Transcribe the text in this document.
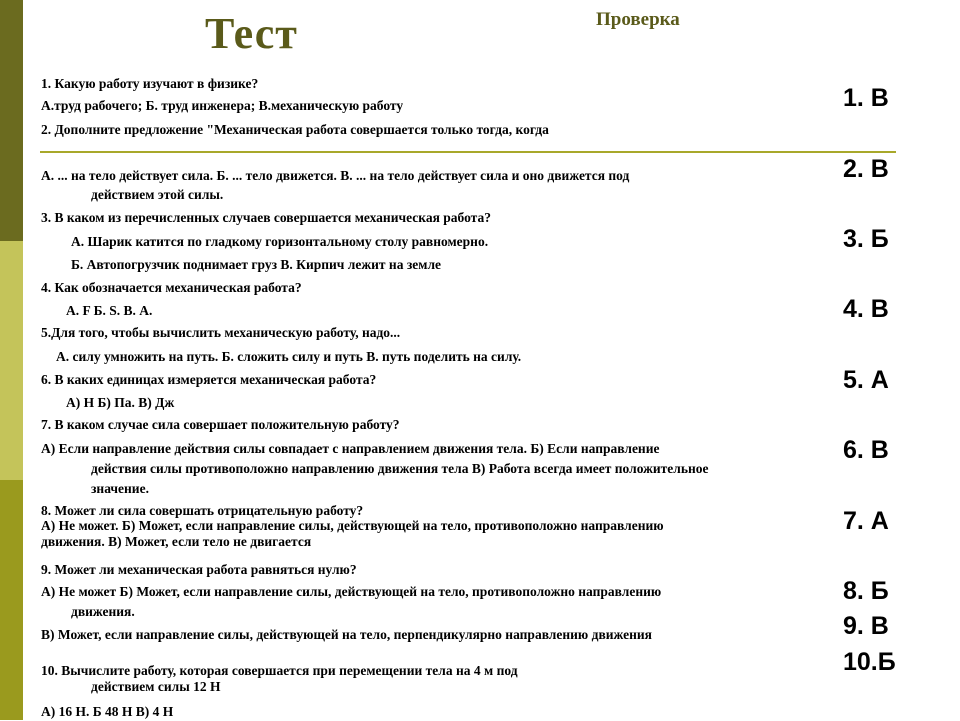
Тест	Проверка
1. Какую работу изучают в физике?
А.труд рабочего; Б. труд инженера; В.механическую работу
2. Дополните предложение "Механическая работа совершается только тогда, когда
А. ... на тело действует сила. Б. ... тело движется. В. ... на тело действует сила и оно движется под
действием этой силы.
3. В каком из перечисленных случаев совершается механическая работа?
А. Шарик катится по гладкому горизонтальному столу равномерно.
Б. Автопогрузчик поднимает груз В. Кирпич лежит на земле
4. Как обозначается механическая работа?
А. F Б. S. В. A.
5.Для того, чтобы вычислить механическую работу, надо...
А. силу умножить на путь. Б. сложить силу и путь В. путь поделить на силу.
6. В каких единицах измеряется механическая работа?
А) Н Б) Па. В) Дж
7. В каком случае сила совершает положительную работу?
А) Если направление действия силы совпадает с направлением движения тела. Б) Если направление
действия силы противоположно направлению движения тела В) Работа всегда имеет положительное
значение.
8. Может ли сила совершать отрицательную работу?
А) Не может. Б) Может, если направление силы, действующей на тело, противоположно направлению
движения. В) Может, если тело не двигается
9. Может ли механическая работа равняться нулю?
А) Не может Б) Может, если направление силы, действующей на тело, противоположно направлению
движения.
В) Может, если направление силы, действующей на тело, перпендикулярно направлению движения
10. Вычислите работу, которая совершается при перемещении тела на 4 м под
действием силы 12 Н
А) 16 Н. Б 48 Н В) 4 Н
1. В
2. В
3. Б
4. В
5. А
6. В
7. А
8. Б
9. В
10.Б
